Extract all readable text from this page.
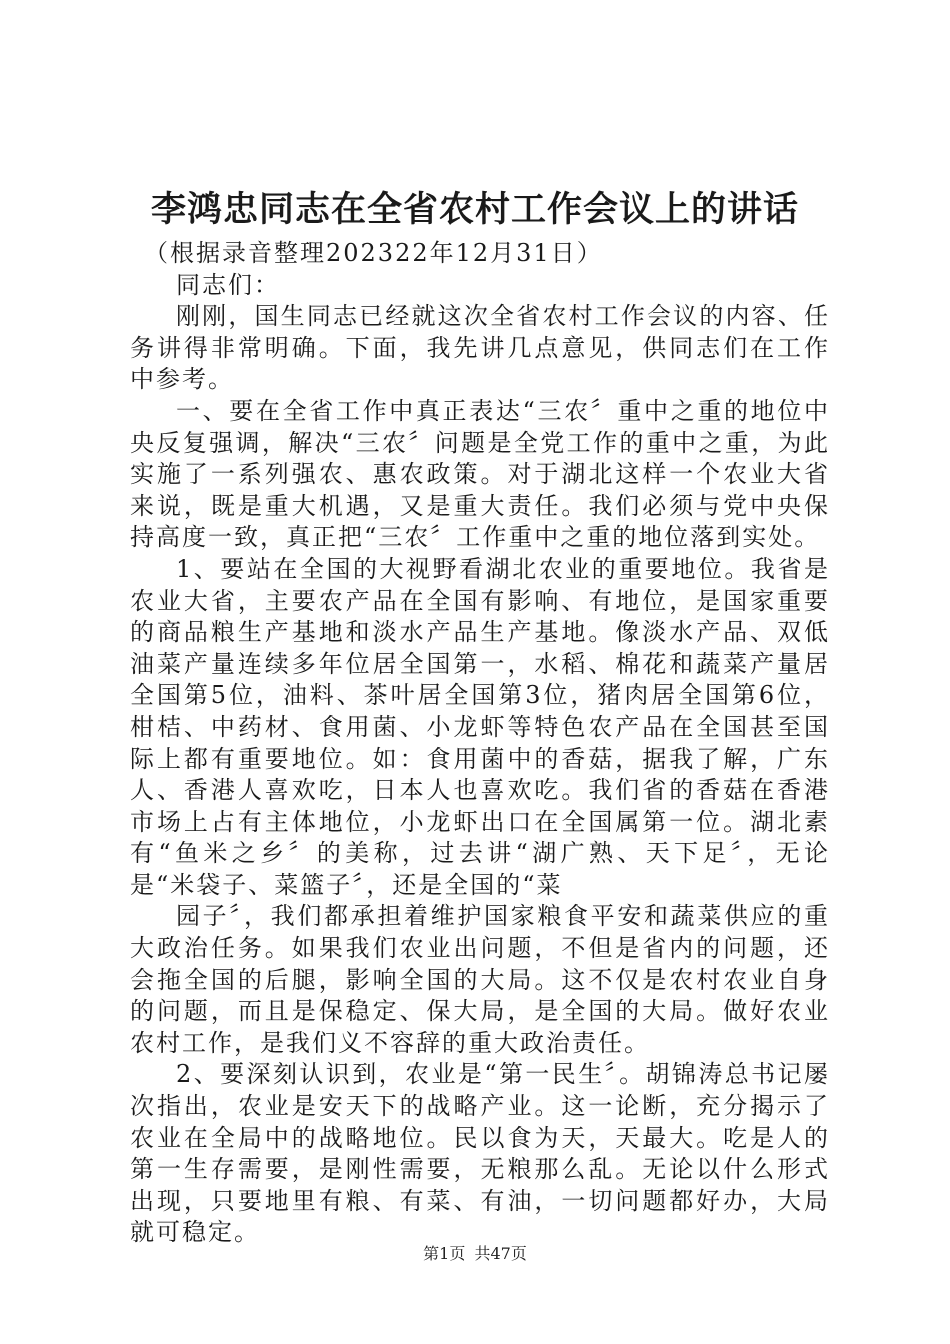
李鸿忠同志在全省农村工作会议上的讲话

（根据录音整理202322年12月31日）

同志们：

刚刚，国生同志已经就这次全省农村工作会议的内容、任务讲得非常明确。下面，我先讲几点意见，供同志们在工作中参考。

一、要在全省工作中真正表达“三农〞重中之重的地位中央反复强调，解决“三农〞问题是全党工作的重中之重，为此实施了一系列强农、惠农政策。对于湖北这样一个农业大省来说，既是重大机遇，又是重大责任。我们必须与党中央保持高度一致，真正把“三农〞工作重中之重的地位落到实处。

1、要站在全国的大视野看湖北农业的重要地位。我省是农业大省，主要农产品在全国有影响、有地位，是国家重要的商品粮生产基地和淡水产品生产基地。像淡水产品、双低油菜产量连续多年位居全国第一，水稻、棉花和蔬菜产量居全国第5位，油料、茶叶居全国第3位，猪肉居全国第6位，柑桔、中药材、食用菌、小龙虾等特色农产品在全国甚至国际上都有重要地位。如：食用菌中的香菇，据我了解，广东人、香港人喜欢吃，日本人也喜欢吃。我们省的香菇在香港市场上占有主体地位，小龙虾出口在全国属第一位。湖北素有“鱼米之乡〞的美称，过去讲“湖广熟、天下足〞，无论是“米袋子、菜篮子〞，还是全国的“菜

园子〞，我们都承担着维护国家粮食平安和蔬菜供应的重大政治任务。如果我们农业出问题，不但是省内的问题，还会拖全国的后腿，影响全国的大局。这不仅是农村农业自身的问题，而且是保稳定、保大局，是全国的大局。做好农业农村工作，是我们义不容辞的重大政治责任。

2、要深刻认识到，农业是“第一民生〞。胡锦涛总书记屡次指出，农业是安天下的战略产业。这一论断，充分揭示了农业在全局中的战略地位。民以食为天，天最大。吃是人的第一生存需要，是刚性需要，无粮那么乱。无论以什么形式出现，只要地里有粮、有菜、有油，一切问题都好办，大局就可稳定。

第1页 共47页
